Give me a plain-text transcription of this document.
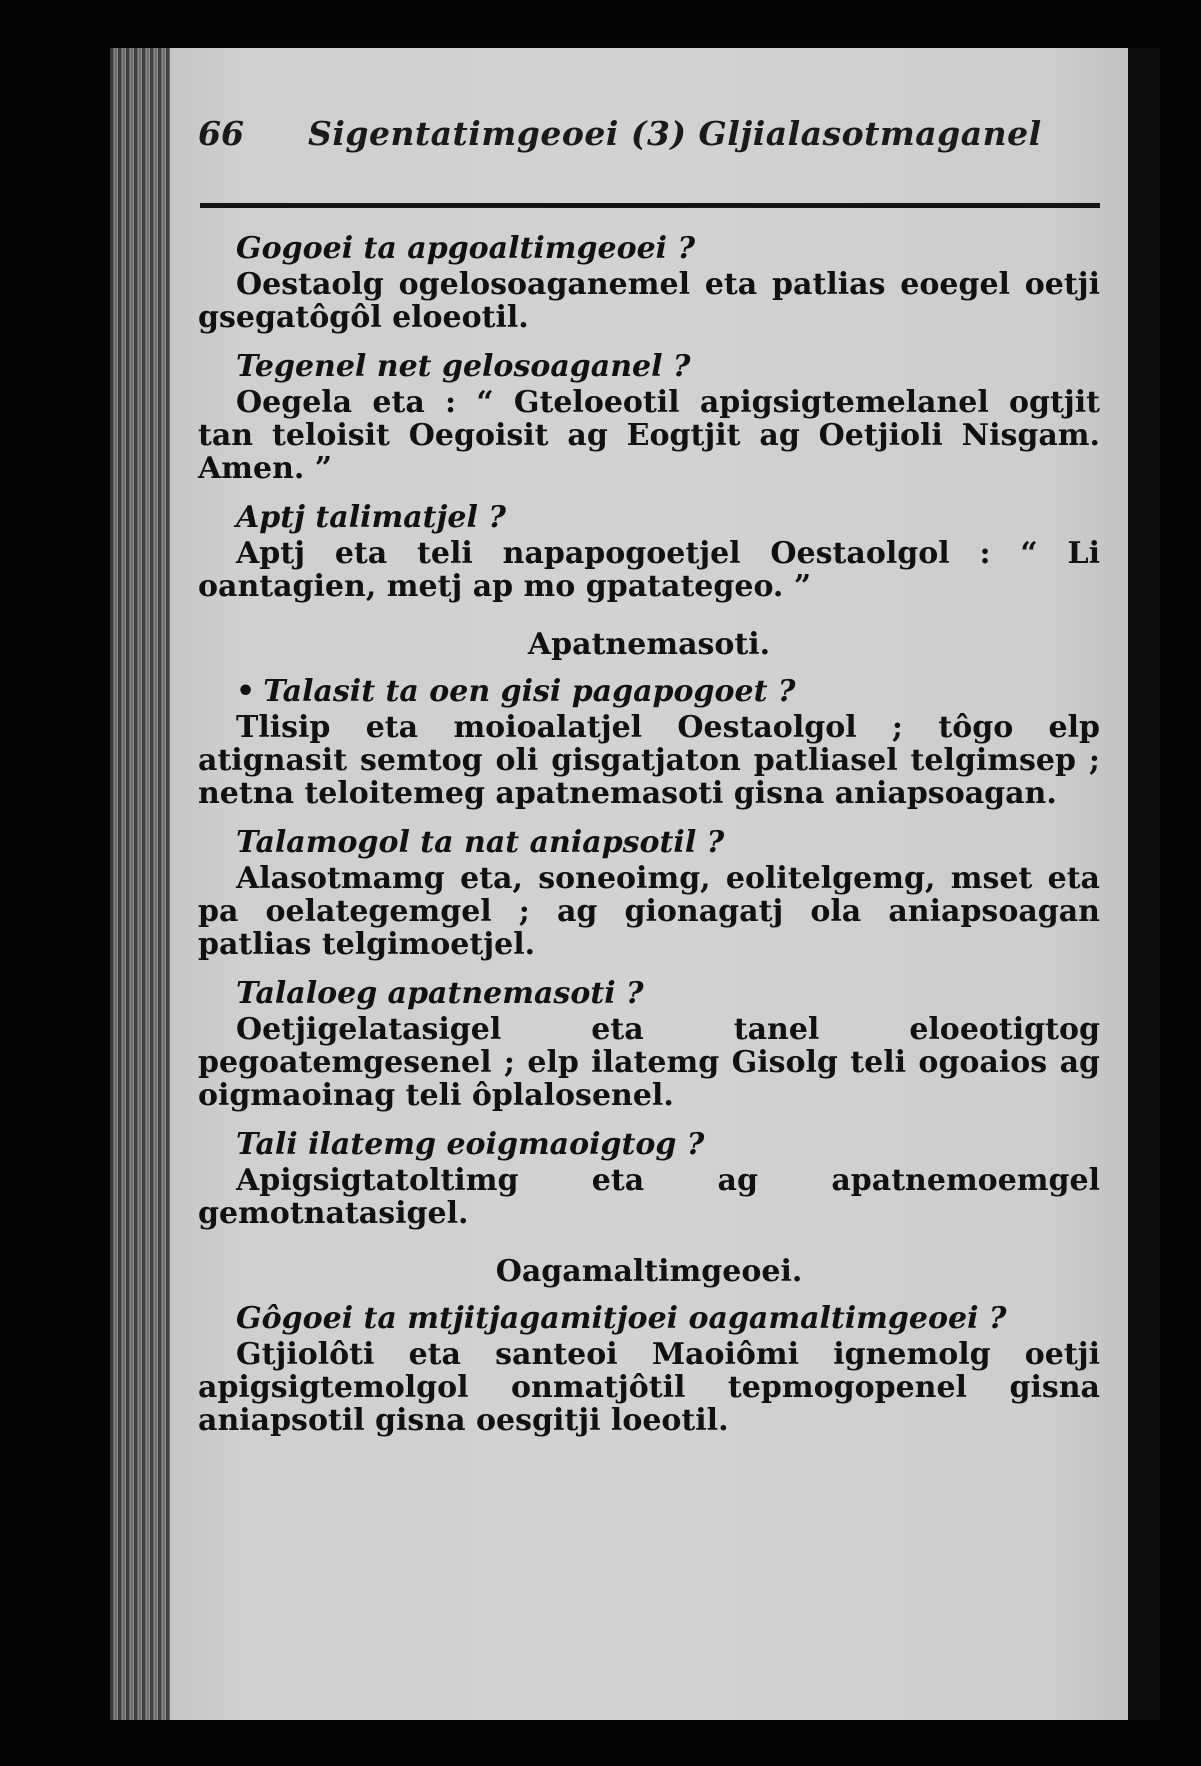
66 Sigentatimgeoei (3) Gljialasotmaganel
Gogoei ta apgoaltimgeoei ?
Oestaolg ogelosoaganemel eta patlias eoegel oetji gsegatôgôl eloeotil.
Tegenel net gelosoaganel ?
Oegela eta : “ Gteloeotil apigsigtemelanel ogtjit tan teloisit Oegoisit ag Eogtjit ag Oetjioli Nisgam. Amen. ”
Aptj talimatjel ?
Aptj eta teli napapogoetjel Oestaolgol : “ Li oantagien, metj ap mo gpatategeo. ”
Apatnemasoti.
• Talasit ta oen gisi pagapogoet ?
Tlisip eta moioalatjel Oestaolgol ; tôgo elp atignasit semtog oli gisgatjaton patliasel telgimsep ; netna teloitemeg apatnemasoti gisna aniapsoagan.
Talamogol ta nat aniapsotil ?
Alasotmamg eta, soneoimg, eolitelgemg, mset eta pa oelategemgel ; ag gionagatj ola aniapsoagan patlias telgimoetjel.
Talaloeg apatnemasoti ?
Oetjigelatasigel eta tanel eloeotigtog pegoatemgesenel ; elp ilatemg Gisolg teli ogoaios ag oigmaoinag teli ôplalosenel.
Tali ilatemg eoigmaoigtog ?
Apigsigtatoltimg eta ag apatnemoemgel gemotnatasigel.
Oagamaltimgeoei.
Gôgoei ta mtjitjagamitjoei oagamaltimgeoei ?
Gtjiolôti eta santeoi Maoiômi ignemolg oetji apigsigtemolgol onmatjôtil tepmogopenel gisna aniapsotil gisna oesgitji loeotil.
